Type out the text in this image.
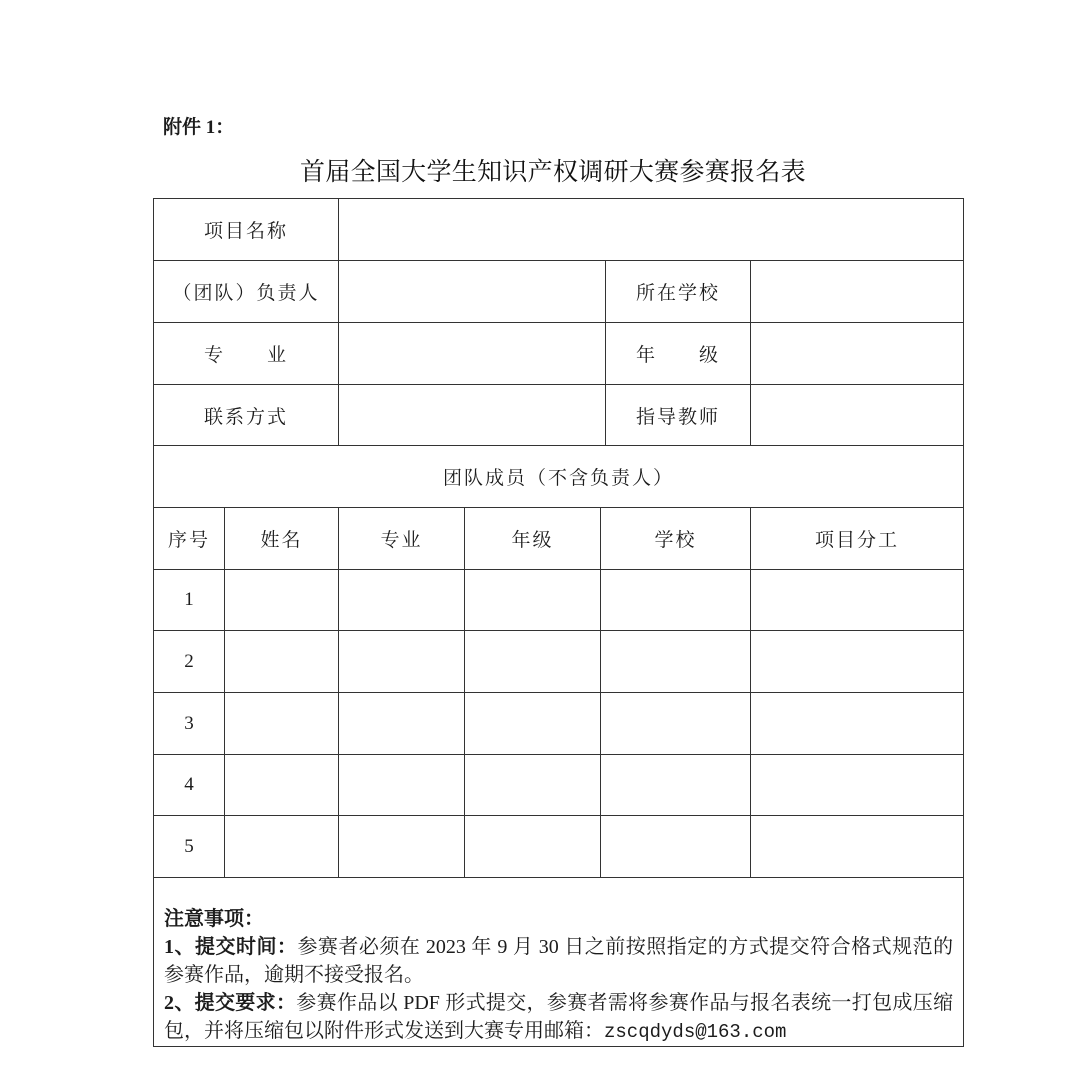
附件 1：
首届全国大学生知识产权调研大赛参赛报名表
项目名称						
（团队）负责人					所在学校	
专　　业					年　　级	
联系方式					指导教师	
团队成员（不含负责人）						
序号	姓名	专业	年级	学校		项目分工
1						
2						
3						
4						
5						

注意事项：

1、提交时间：参赛者必须在 2023 年 9 月 30 日之前按照指定的方式提交符合格式规范的参赛作品，逾期不接受报名。

2、提交要求：参赛作品以 PDF 形式提交，参赛者需将参赛作品与报名表统一打包成压缩包，并将压缩包以附件形式发送到大赛专用邮箱：zscqdyds@163.com						
